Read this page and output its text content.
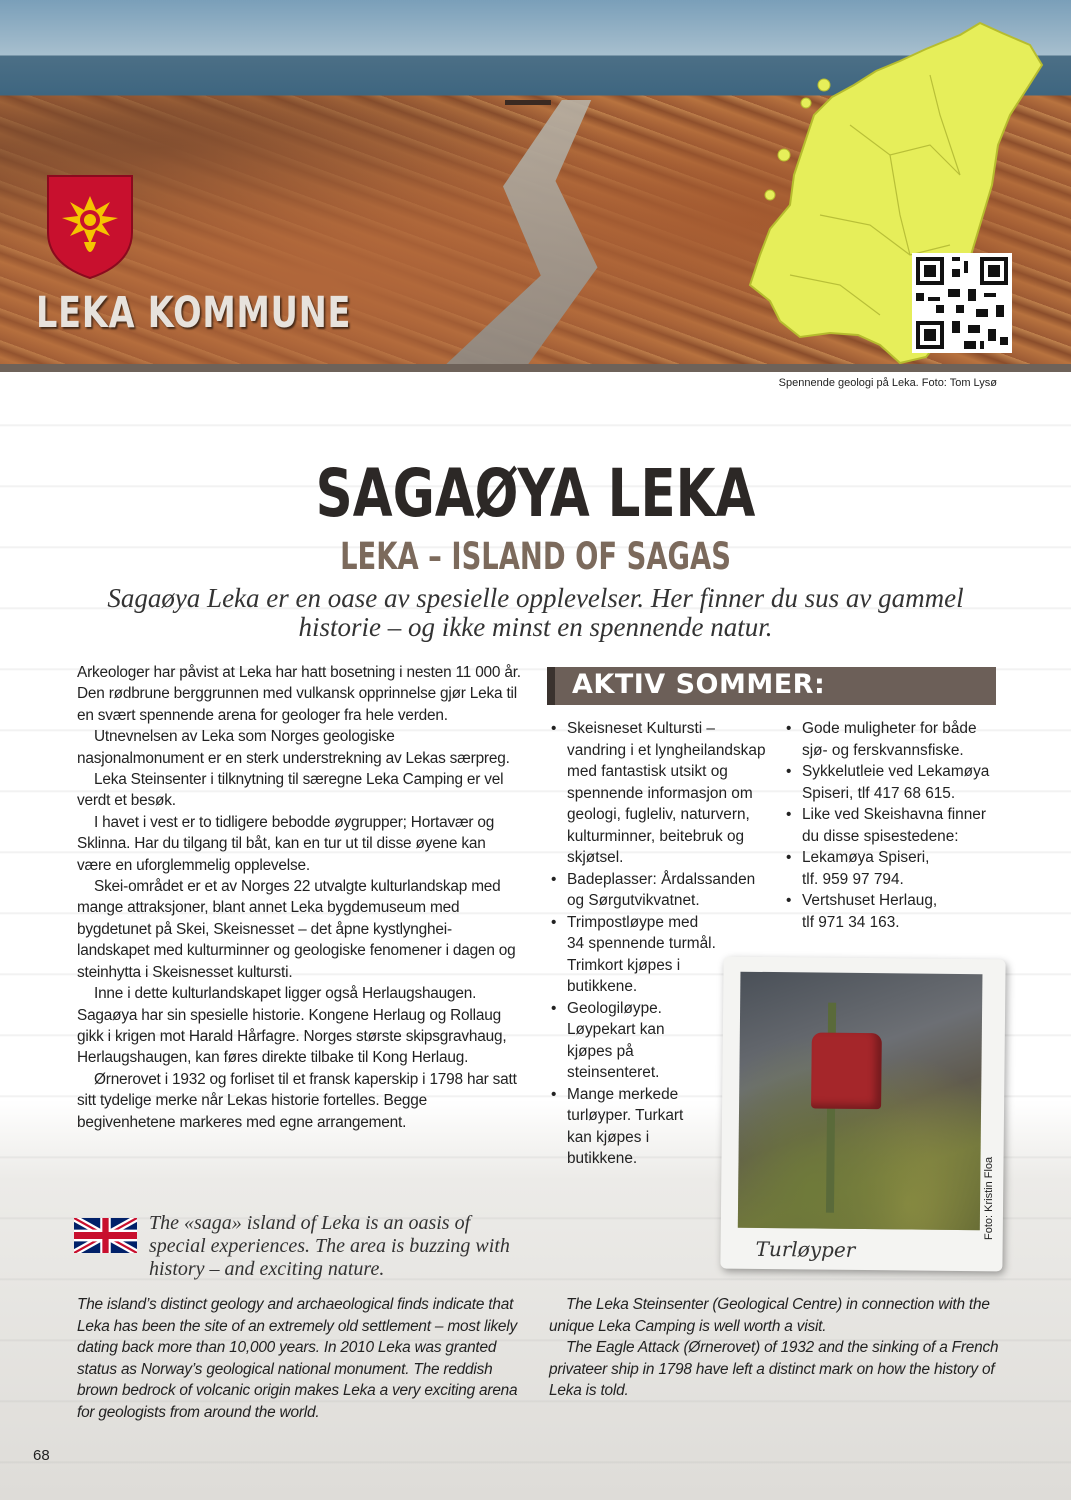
LEKA KOMMUNE
Spennende geologi på Leka. Foto: Tom Lysø
SAGAØYA LEKA
LEKA – ISLAND OF SAGAS
Sagaøya Leka er en oase av spesielle opplevelser. Her finner du sus av gammel historie – og ikke minst en spennende natur.

Arkeologer har påvist at Leka har hatt bosetning i nesten 11 000 år. Den rødbrune berggrunnen med vulkansk opprinnelse gjør Leka til en svært spennende arena for geologer fra hele verden.

Utnevnelsen av Leka som Norges geologiske nasjonalmonument er en sterk understrekning av Lekas særpreg.

Leka Steinsenter i tilknytning til særegne Leka Camping er vel verdt et besøk.

I havet i vest er to tidligere bebodde øygrupper; Hortavær og Sklinna. Har du tilgang til båt, kan en tur ut til disse øyene kan være en uforglemmelig opplevelse.

Skei-området er et av Norges 22 utvalgte kulturlandskap med mange attraksjoner, blant annet Leka bygdemuseum med bygdetunet på Skei, Skeisnesset – det åpne kystlynghei-landskapet med kulturminner og geologiske fenomener i dagen og steinhytta i Skeisnesset kultursti.

Inne i dette kulturlandskapet ligger også Herlaugshaugen. Sagaøya har sin spesielle historie. Kongene Herlaug og Rollaug gikk i krigen mot Harald Hårfagre. Norges største skipsgravhaug, Herlaugshaugen, kan føres direkte tilbake til Kong Herlaug.

Ørnerovet i 1932 og forliset til et fransk kaperskip i 1798 har satt sitt tydelige merke når Lekas historie fortelles. Begge begivenhetene markeres med egne arrangement.

AKTIV SOMMER:
• Skeisneset Kultursti – vandring i et lyngheilandskap med fantastisk utsikt og spennende informasjon om geologi, fugleliv, naturvern, kulturminner, beitebruk og skjøtsel.
• Badeplasser: Årdalssanden og Sørgutvikvatnet.
• Trimpostløype med 34 spennende turmål. Trimkort kjøpes i butikkene.
• Geologiløype. Løypekart kan kjøpes på steinsenteret.
• Mange merkede turløyper. Turkart kan kjøpes i butikkene.
• Gode muligheter for både sjø- og ferskvannsfiske.
• Sykkelutleie ved Lekamøya Spiseri, tlf 417 68 615.
• Like ved Skeishavna finner du disse spisestedene:
• Lekamøya Spiseri, tlf. 959 97 794.
• Vertshuset Herlaug, tlf 971 34 163.
Turløyper
Foto: Kristin Floa
The «saga» island of Leka is an oasis of special experiences. The area is buzzing with history – and exciting nature.

The island’s distinct geology and archaeological finds indicate that Leka has been the site of an extremely old settlement – most likely dating back more than 10,000 years. In 2010 Leka was granted status as Norway’s geological national monument. The reddish brown bedrock of volcanic origin makes Leka a very exciting arena for geologists from around the world.

The Leka Steinsenter (Geological Centre) in connection with the unique Leka Camping is well worth a visit.

The Eagle Attack (Ørnerovet) of 1932 and the sinking of a French privateer ship in 1798 have left a distinct mark on how the history of Leka is told.

68
